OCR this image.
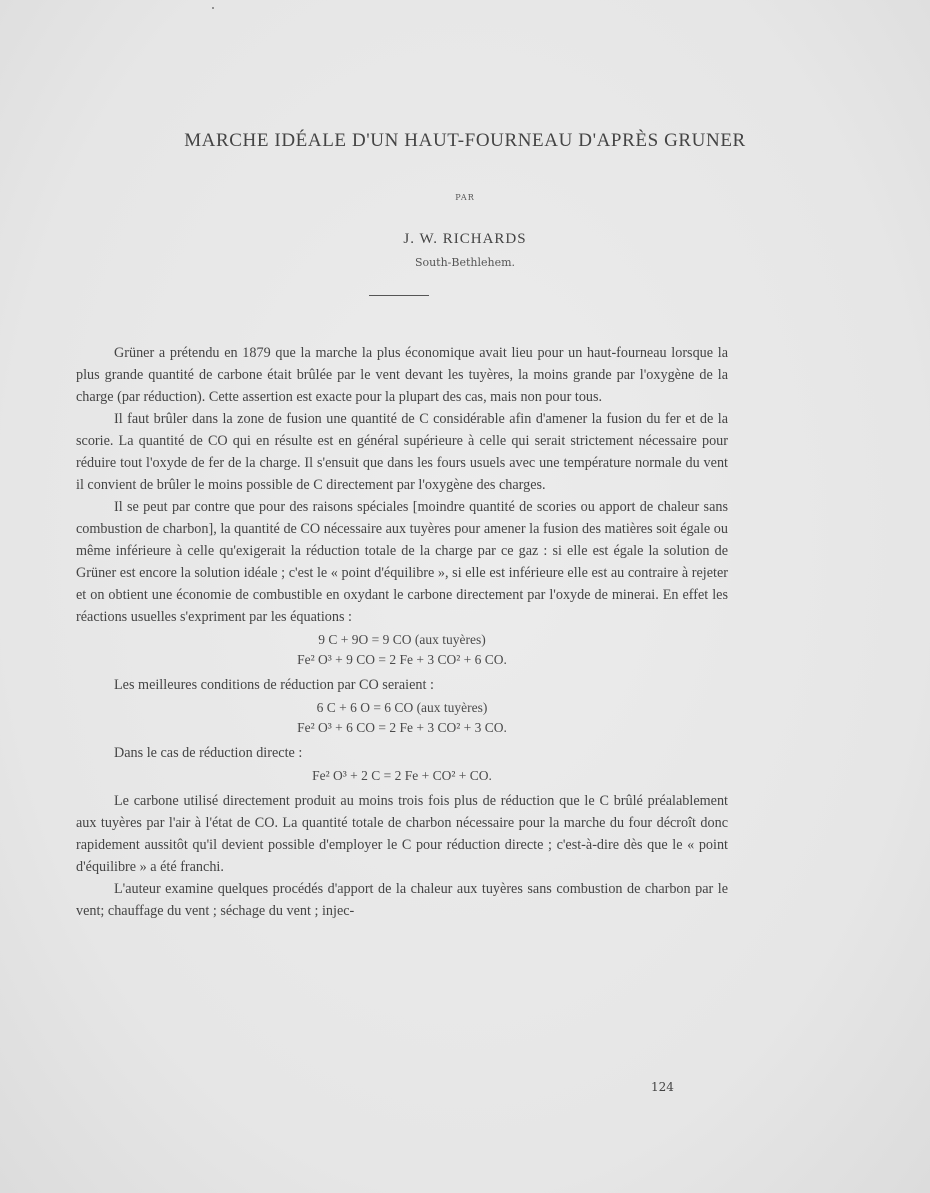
MARCHE IDÉALE D'UN HAUT-FOURNEAU D'APRÈS GRUNER
PAR
J. W. RICHARDS
South-Bethlehem.

Grüner a prétendu en 1879 que la marche la plus économique avait lieu pour un haut-fourneau lorsque la plus grande quantité de carbone était brûlée par le vent devant les tuyères, la moins grande par l'oxygène de la charge (par réduction). Cette assertion est exacte pour la plupart des cas, mais non pour tous.

Il faut brûler dans la zone de fusion une quantité de C considérable afin d'amener la fusion du fer et de la scorie. La quantité de CO qui en résulte est en général supérieure à celle qui serait strictement nécessaire pour réduire tout l'oxyde de fer de la charge. Il s'ensuit que dans les fours usuels avec une température normale du vent il convient de brûler le moins possible de C directement par l'oxygène des charges.

Il se peut par contre que pour des raisons spéciales [moindre quantité de scories ou apport de chaleur sans combustion de charbon], la quantité de CO nécessaire aux tuyères pour amener la fusion des matières soit égale ou même inférieure à celle qu'exigerait la réduction totale de la charge par ce gaz : si elle est égale la solution de Grüner est encore la solution idéale ; c'est le « point d'équilibre », si elle est inférieure elle est au contraire à rejeter et on obtient une économie de combustible en oxydant le carbone directement par l'oxyde de minerai. En effet les réactions usuelles s'expriment par les équations :

9 C + 9O = 9 CO (aux tuyères)
Fe² O³ + 9 CO = 2 Fe + 3 CO² + 6 CO.

Les meilleures conditions de réduction par CO seraient :

6 C + 6 O = 6 CO (aux tuyères)
Fe² O³ + 6 CO = 2 Fe + 3 CO² + 3 CO.

Dans le cas de réduction directe :

Fe² O³ + 2 C = 2 Fe + CO² + CO.

Le carbone utilisé directement produit au moins trois fois plus de réduction que le C brûlé préalablement aux tuyères par l'air à l'état de CO. La quantité totale de charbon nécessaire pour la marche du four décroît donc rapidement aussitôt qu'il devient possible d'employer le C pour réduction directe ; c'est-à-dire dès que le « point d'équilibre » a été franchi.

L'auteur examine quelques procédés d'apport de la chaleur aux tuyères sans combustion de charbon par le vent; chauffage du vent ; séchage du vent ; injec-

124
